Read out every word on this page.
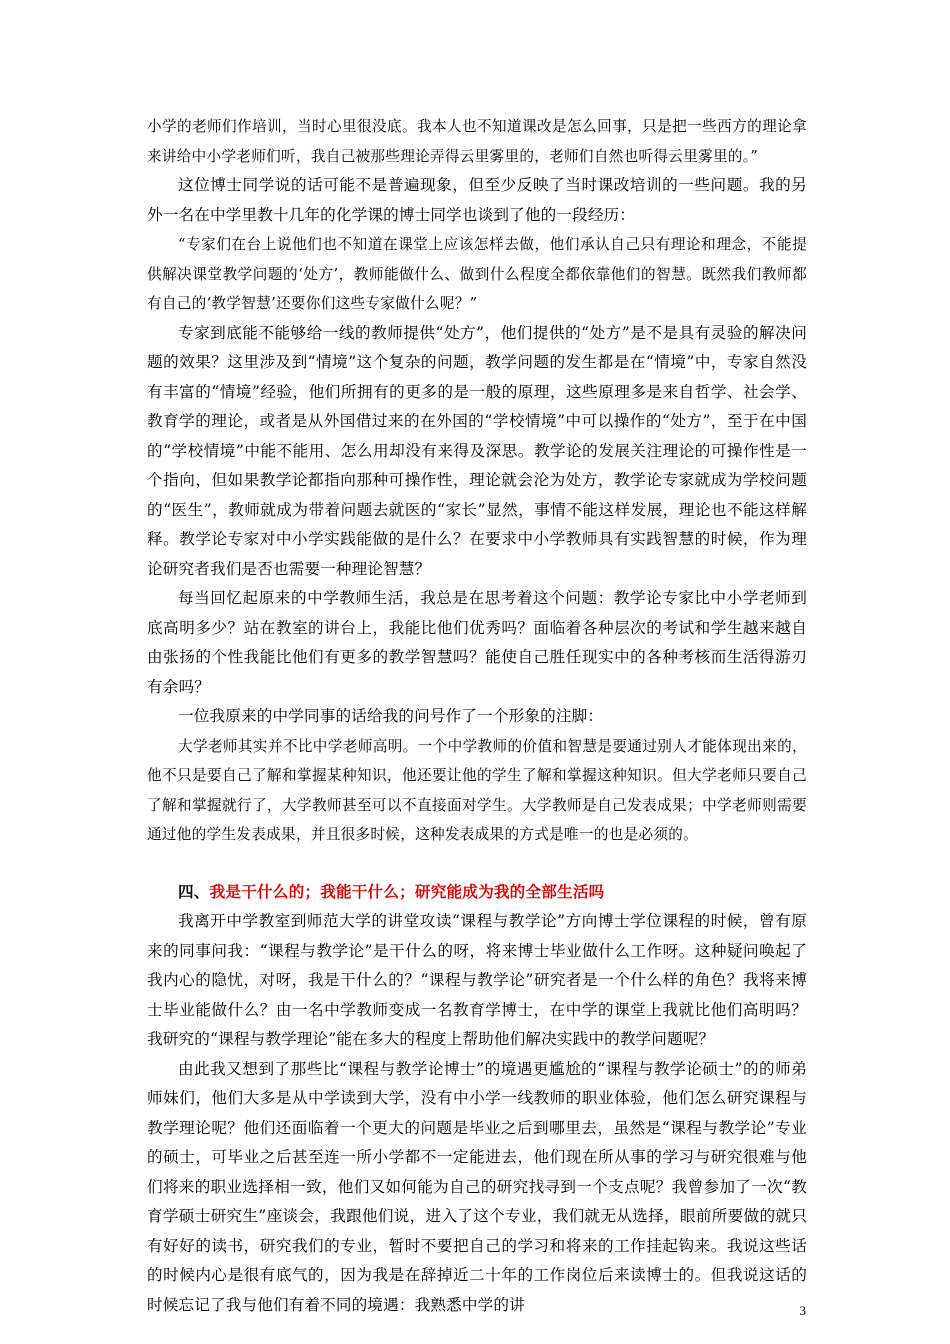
小学的老师们作培训，当时心里很没底。我本人也不知道课改是怎么回事，只是把一些西方的理论拿来讲给中小学老师们听，我自己被那些理论弄得云里雾里的，老师们自然也听得云里雾里的。”

这位博士同学说的话可能不是普遍现象，但至少反映了当时课改培训的一些问题。我的另外一名在中学里教十几年的化学课的博士同学也谈到了他的一段经历：

“专家们在台上说他们也不知道在课堂上应该怎样去做，他们承认自己只有理论和理念，不能提供解决课堂教学问题的‘处方’，教师能做什么、做到什么程度全都依靠他们的智慧。既然我们教师都有自己的‘教学智慧’还要你们这些专家做什么呢？”

专家到底能不能够给一线的教师提供“处方”，他们提供的“处方”是不是具有灵验的解决问题的效果？这里涉及到“情境”这个复杂的问题，教学问题的发生都是在“情境”中，专家自然没有丰富的“情境”经验，他们所拥有的更多的是一般的原理，这些原理多是来自哲学、社会学、教育学的理论，或者是从外国借过来的在外国的“学校情境”中可以操作的“处方”，至于在中国的“学校情境”中能不能用、怎么用却没有来得及深思。教学论的发展关注理论的可操作性是一个指向，但如果教学论都指向那种可操作性，理论就会沦为处方，教学论专家就成为学校问题的“医生”，教师就成为带着问题去就医的“家长”显然，事情不能这样发展，理论也不能这样解释。教学论专家对中小学实践能做的是什么？在要求中小学教师具有实践智慧的时候，作为理论研究者我们是否也需要一种理论智慧？

每当回忆起原来的中学教师生活，我总是在思考着这个问题：教学论专家比中小学老师到底高明多少？站在教室的讲台上，我能比他们优秀吗？面临着各种层次的考试和学生越来越自由张扬的个性我能比他们有更多的教学智慧吗？能使自己胜任现实中的各种考核而生活得游刃有余吗？

一位我原来的中学同事的话给我的问号作了一个形象的注脚：

大学老师其实并不比中学老师高明。一个中学教师的价值和智慧是要通过别人才能体现出来的，他不只是要自己了解和掌握某种知识，他还要让他的学生了解和掌握这种知识。但大学老师只要自己了解和掌握就行了，大学教师甚至可以不直接面对学生。大学教师是自己发表成果；中学老师则需要通过他的学生发表成果，并且很多时候，这种发表成果的方式是唯一的也是必须的。

四、我是干什么的；我能干什么；研究能成为我的全部生活吗

我离开中学教室到师范大学的讲堂攻读“课程与教学论”方向博士学位课程的时候，曾有原来的同事问我：“课程与教学论”是干什么的呀，将来博士毕业做什么工作呀。这种疑问唤起了我内心的隐忧，对呀，我是干什么的？“课程与教学论”研究者是一个什么样的角色？我将来博士毕业能做什么？由一名中学教师变成一名教育学博士，在中学的课堂上我就比他们高明吗？我研究的“课程与教学理论”能在多大的程度上帮助他们解决实践中的教学问题呢？

由此我又想到了那些比“课程与教学论博士”的境遇更尴尬的“课程与教学论硕士”的的师弟师妹们，他们大多是从中学读到大学，没有中小学一线教师的职业体验，他们怎么研究课程与教学理论呢？他们还面临着一个更大的问题是毕业之后到哪里去，虽然是“课程与教学论”专业的硕士，可毕业之后甚至连一所小学都不一定能进去，他们现在所从事的学习与研究很难与他们将来的职业选择相一致，他们又如何能为自己的研究找寻到一个支点呢？我曾参加了一次“教育学硕士研究生”座谈会，我跟他们说，进入了这个专业，我们就无从选择，眼前所要做的就只有好好的读书，研究我们的专业，暂时不要把自己的学习和将来的工作挂起钩来。我说这些话的时候内心是很有底气的，因为我是在辞掉近二十年的工作岗位后来读博士的。但我说这话的时候忘记了我与他们有着不同的境遇：我熟悉中学的讲	3
